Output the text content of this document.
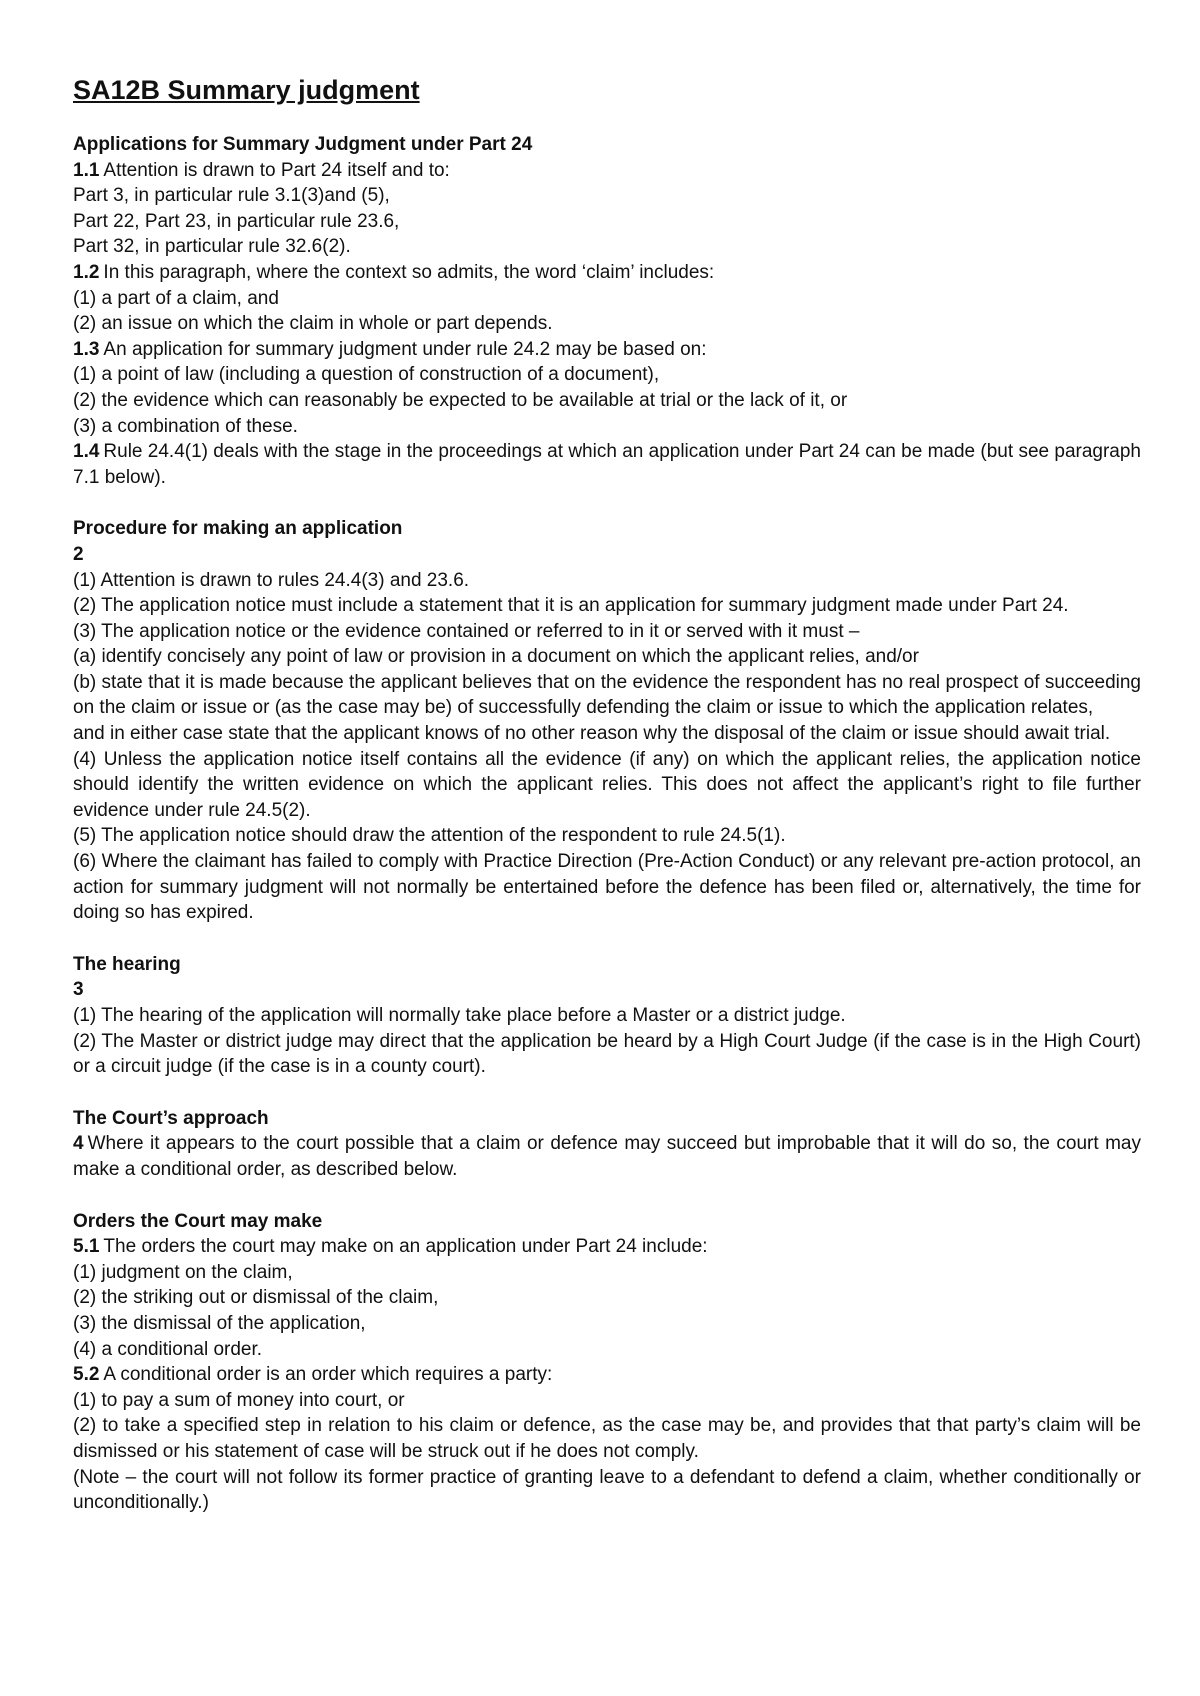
SA12B Summary judgment
Applications for Summary Judgment under Part 24
1.1 Attention is drawn to Part 24 itself and to:
Part 3, in particular rule 3.1(3)and (5),
Part 22, Part 23, in particular rule 23.6,
Part 32, in particular rule 32.6(2).
1.2 In this paragraph, where the context so admits, the word ‘claim’ includes:
(1) a part of a claim, and
(2) an issue on which the claim in whole or part depends.
1.3 An application for summary judgment under rule 24.2 may be based on:
(1) a point of law (including a question of construction of a document),
(2) the evidence which can reasonably be expected to be available at trial or the lack of it, or
(3) a combination of these.
1.4 Rule 24.4(1) deals with the stage in the proceedings at which an application under Part 24 can be made (but see paragraph 7.1 below).
Procedure for making an application
2
(1) Attention is drawn to rules 24.4(3) and 23.6.
(2) The application notice must include a statement that it is an application for summary judgment made under Part 24.
(3) The application notice or the evidence contained or referred to in it or served with it must –
(a) identify concisely any point of law or provision in a document on which the applicant relies, and/or
(b) state that it is made because the applicant believes that on the evidence the respondent has no real prospect of succeeding on the claim or issue or (as the case may be) of successfully defending the claim or issue to which the application relates,
and in either case state that the applicant knows of no other reason why the disposal of the claim or issue should await trial.
(4) Unless the application notice itself contains all the evidence (if any) on which the applicant relies, the application notice should identify the written evidence on which the applicant relies. This does not affect the applicant’s right to file further evidence under rule 24.5(2).
(5) The application notice should draw the attention of the respondent to rule 24.5(1).
(6) Where the claimant has failed to comply with Practice Direction (Pre-Action Conduct) or any relevant pre-action protocol, an action for summary judgment will not normally be entertained before the defence has been filed or, alternatively, the time for doing so has expired.
The hearing
3
(1) The hearing of the application will normally take place before a Master or a district judge.
(2) The Master or district judge may direct that the application be heard by a High Court Judge (if the case is in the High Court) or a circuit judge (if the case is in a county court).
The Court’s approach
4 Where it appears to the court possible that a claim or defence may succeed but improbable that it will do so, the court may make a conditional order, as described below.
Orders the Court may make
5.1 The orders the court may make on an application under Part 24 include:
(1) judgment on the claim,
(2) the striking out or dismissal of the claim,
(3) the dismissal of the application,
(4) a conditional order.
5.2 A conditional order is an order which requires a party:
(1) to pay a sum of money into court, or
(2) to take a specified step in relation to his claim or defence, as the case may be, and provides that that party’s claim will be dismissed or his statement of case will be struck out if he does not comply.
(Note – the court will not follow its former practice of granting leave to a defendant to defend a claim, whether conditionally or unconditionally.)
